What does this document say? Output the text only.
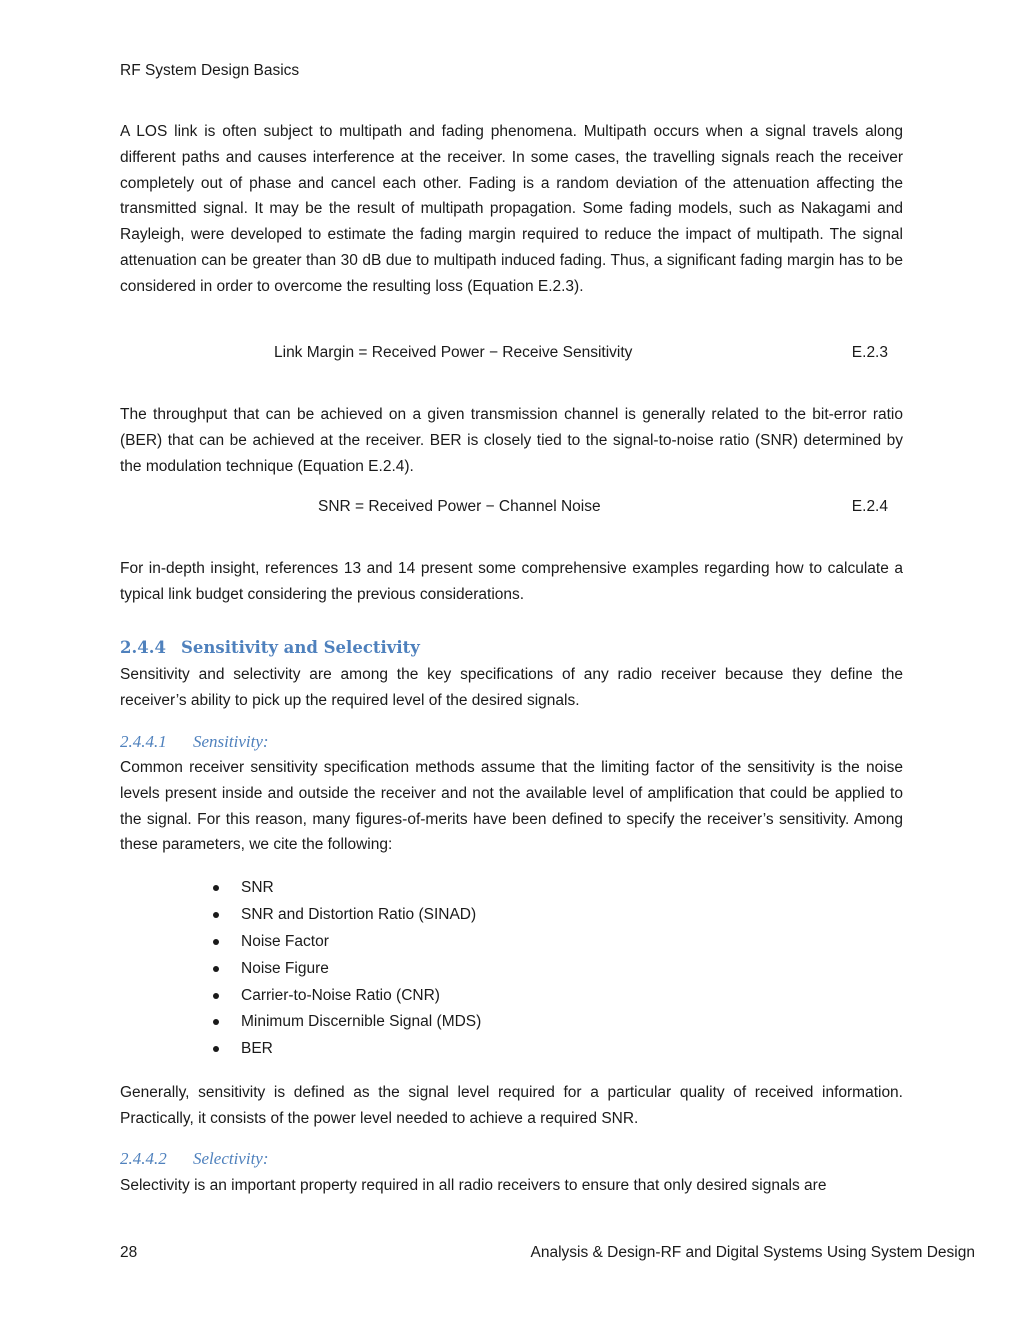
RF System Design Basics

A LOS link is often subject to multipath and fading phenomena. Multipath occurs when a signal travels along different paths and causes interference at the receiver. In some cases, the travelling signals reach the receiver completely out of phase and cancel each other. Fading is a random deviation of the attenuation affecting the transmitted signal. It may be the result of multipath propagation. Some fading models, such as Nakagami and Rayleigh, were developed to estimate the fading margin required to reduce the impact of multipath. The signal attenuation can be greater than 30 dB due to multipath induced fading. Thus, a significant fading margin has to be considered in order to overcome the resulting loss (Equation E.2.3).

Link Margin = Received Power − Receive Sensitivity	E.2.3

The throughput that can be achieved on a given transmission channel is generally related to the bit-error ratio (BER) that can be achieved at the receiver. BER is closely tied to the signal-to-noise ratio (SNR) determined by the modulation technique (Equation E.2.4).

SNR = Received Power − Channel Noise	E.2.4

For in-depth insight, references 13 and 14 present some comprehensive examples regarding how to calculate a typical link budget considering the previous considerations.

2.4.4 Sensitivity and Selectivity

Sensitivity and selectivity are among the key specifications of any radio receiver because they define the receiver’s ability to pick up the required level of the desired signals.

2.4.4.1 Sensitivity:

Common receiver sensitivity specification methods assume that the limiting factor of the sensitivity is the noise levels present inside and outside the receiver and not the available level of amplification that could be applied to the signal. For this reason, many figures-of-merits have been defined to specify the receiver’s sensitivity. Among these parameters, we cite the following:

SNR
SNR and Distortion Ratio (SINAD)
Noise Factor
Noise Figure
Carrier-to-Noise Ratio (CNR)
Minimum Discernible Signal (MDS)
BER

Generally, sensitivity is defined as the signal level required for a particular quality of received information. Practically, it consists of the power level needed to achieve a required SNR.

2.4.4.2 Selectivity:

Selectivity is an important property required in all radio receivers to ensure that only desired signals are

28	Analysis & Design-RF and Digital Systems Using System Design
